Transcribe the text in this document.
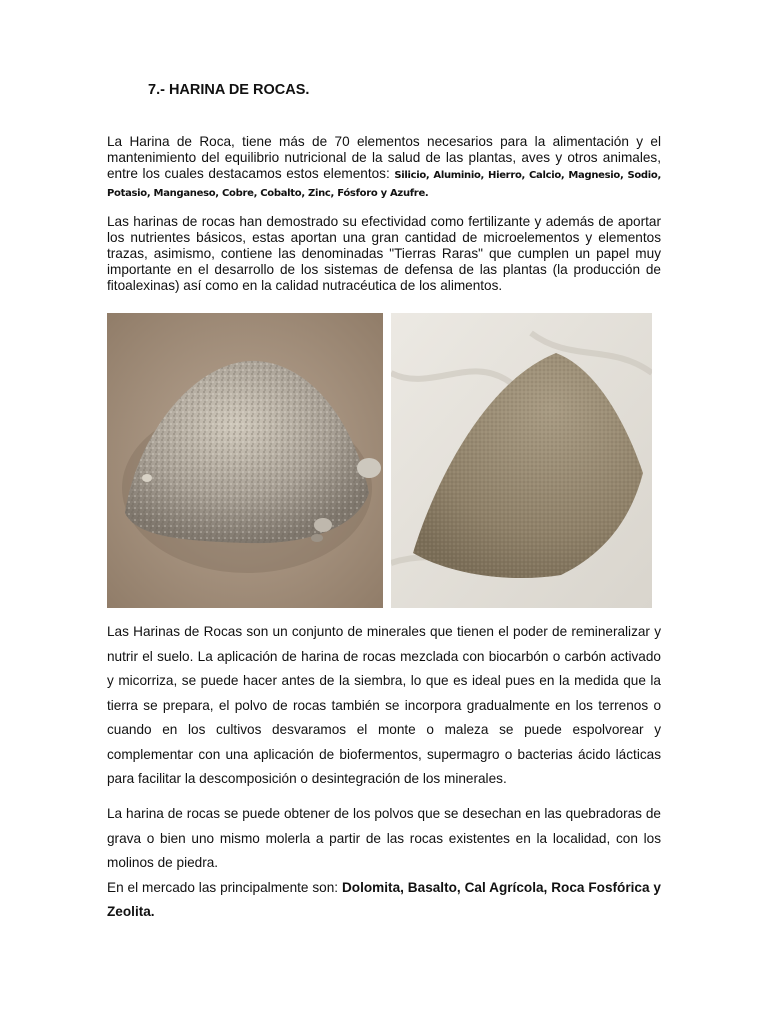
7.- HARINA DE ROCAS.

La Harina de Roca, tiene más de 70 elementos necesarios para la alimentación y el mantenimiento del equilibrio nutricional de la salud de las plantas, aves y otros animales, entre los cuales destacamos estos elementos: Silicio, Aluminio, Hierro, Calcio, Magnesio, Sodio, Potasio, Manganeso, Cobre, Cobalto, Zinc, Fósforo y Azufre.

Las harinas de rocas han demostrado su efectividad como fertilizante y además de aportar los nutrientes básicos, estas aportan una gran cantidad de microelementos y elementos trazas, asimismo, contiene las denominadas "Tierras Raras" que cumplen un papel muy importante en el desarrollo de los sistemas de defensa de las plantas (la producción de fitoalexinas) así como en la calidad nutracéutica de los alimentos.

Las Harinas de Rocas son un conjunto de minerales que tienen el poder de remineralizar y nutrir el suelo. La aplicación de harina de rocas mezclada con biocarbón o carbón activado y micorriza, se puede hacer antes de la siembra, lo que es ideal pues en la medida que la tierra se prepara, el polvo de rocas también se incorpora gradualmente en los terrenos o cuando en los cultivos desvaramos el monte o maleza se puede espolvorear y complementar con una aplicación de biofermentos, supermagro o bacterias ácido lácticas para facilitar la descomposición o desintegración de los minerales.

La harina de rocas se puede obtener de los polvos que se desechan en las quebradoras de grava o bien uno mismo molerla a partir de las rocas existentes en la localidad, con los molinos de piedra.
En el mercado las principalmente son: Dolomita, Basalto, Cal Agrícola, Roca Fosfórica y Zeolita.
